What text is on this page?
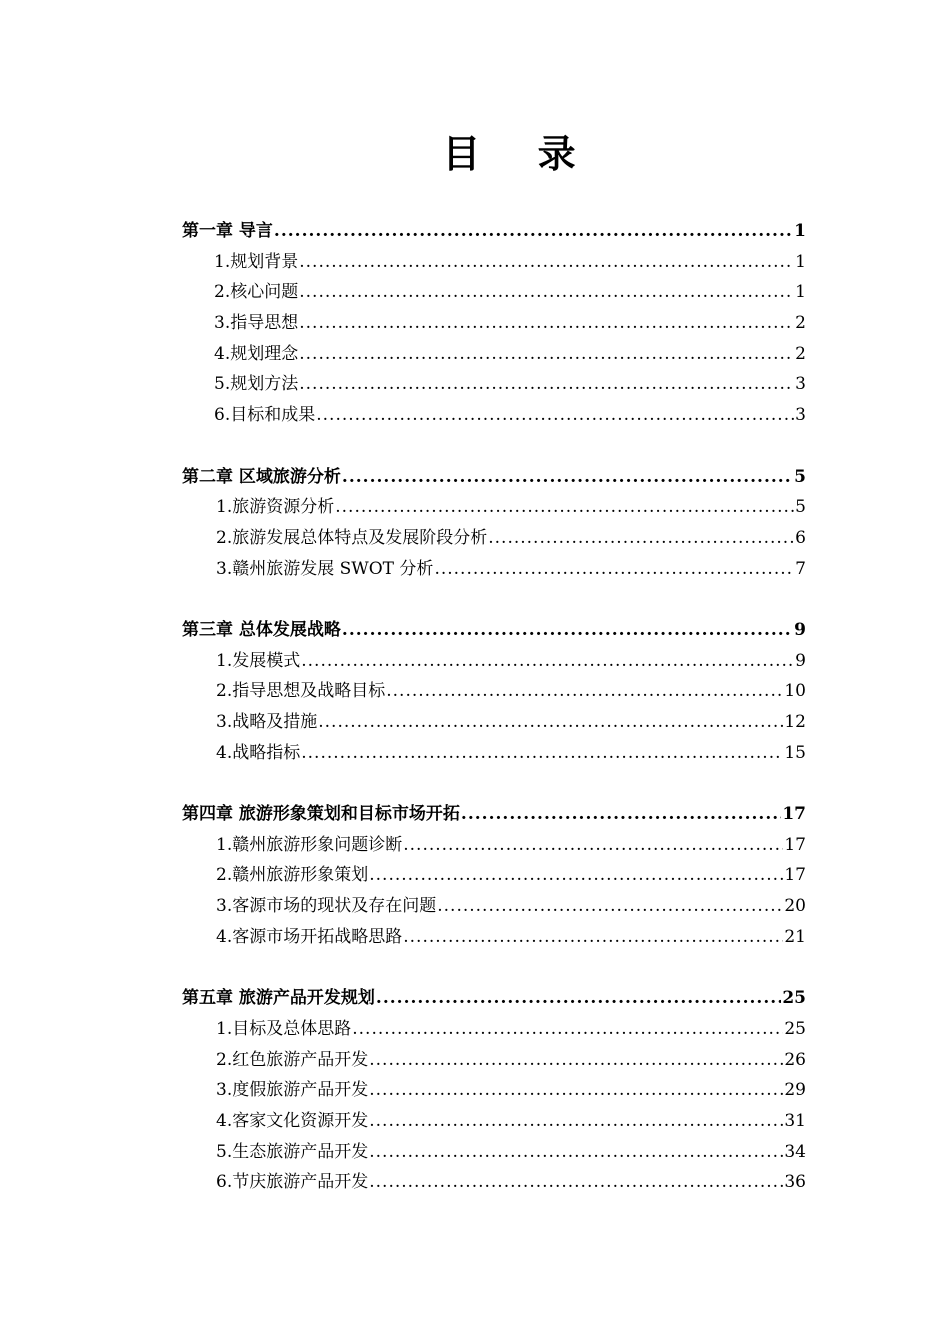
目 录
第一章 导言 .....	1
1.规划背景 .....	1
2.核心问题 .....	1
3.指导思想 .....	2
4.规划理念 .....	2
5.规划方法 .....	3
6.目标和成果 .....	3
第二章 区域旅游分析 .....	5
1.旅游资源分析 .....	5
2.旅游发展总体特点及发展阶段分析 .....	6
3.赣州旅游发展 SWOT 分析 .....	7
第三章 总体发展战略 .....	9
1.发展模式 .....	9
2.指导思想及战略目标 .....	10
3.战略及措施 .....	12
4.战略指标 .....	15
第四章 旅游形象策划和目标市场开拓 .....	17
1.赣州旅游形象问题诊断 .....	17
2.赣州旅游形象策划 .....	17
3.客源市场的现状及存在问题 .....	20
4.客源市场开拓战略思路 .....	21
第五章 旅游产品开发规划 .....	25
1.目标及总体思路 .....	25
2.红色旅游产品开发 .....	26
3.度假旅游产品开发 .....	29
4.客家文化资源开发 .....	31
5.生态旅游产品开发 .....	34
6.节庆旅游产品开发 .....	36
